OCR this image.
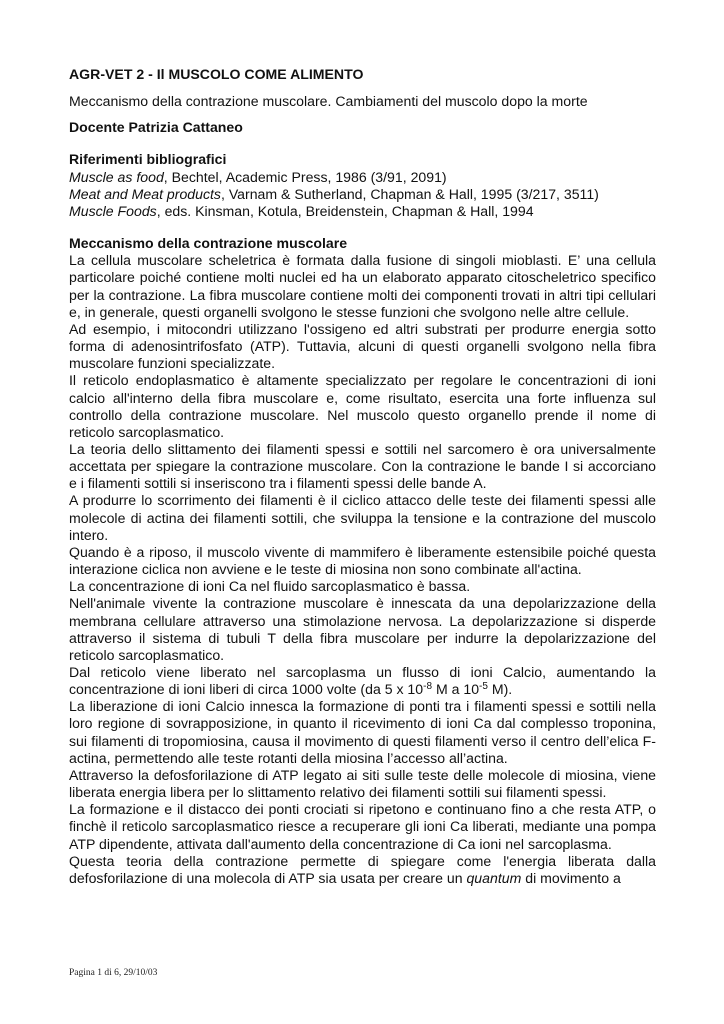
AGR-VET 2 - Il MUSCOLO COME ALIMENTO
Meccanismo della contrazione muscolare. Cambiamenti del muscolo dopo la morte
Docente Patrizia Cattaneo
Riferimenti bibliografici
Muscle as food, Bechtel, Academic Press, 1986 (3/91, 2091)
Meat and Meat products, Varnam & Sutherland, Chapman & Hall, 1995 (3/217, 3511)
Muscle Foods, eds. Kinsman, Kotula, Breidenstein, Chapman & Hall, 1994
Meccanismo della contrazione muscolare

La cellula muscolare scheletrica è formata dalla fusione di singoli mioblasti. E’ una cellula particolare poiché contiene molti nuclei ed ha un elaborato apparato citoscheletrico specifico per la contrazione. La fibra muscolare contiene molti dei componenti trovati in altri tipi cellulari e, in generale, questi organelli svolgono le stesse funzioni che svolgono nelle altre cellule.

Ad esempio, i mitocondri utilizzano l'ossigeno ed altri substrati per produrre energia sotto forma di adenosintrifosfato (ATP). Tuttavia, alcuni di questi organelli svolgono nella fibra muscolare funzioni specializzate.

Il reticolo endoplasmatico è altamente specializzato per regolare le concentrazioni di ioni calcio all'interno della fibra muscolare e, come risultato, esercita una forte influenza sul controllo della contrazione muscolare. Nel muscolo questo organello prende il nome di reticolo sarcoplasmatico.

La teoria dello slittamento dei filamenti spessi e sottili nel sarcomero è ora universalmente accettata per spiegare la contrazione muscolare. Con la contrazione le bande I si accorciano e i filamenti sottili si inseriscono tra i filamenti spessi delle bande A.

A produrre lo scorrimento dei filamenti è il ciclico attacco delle teste dei filamenti spessi alle molecole di actina dei filamenti sottili, che sviluppa la tensione e la contrazione del muscolo intero.

Quando è a riposo, il muscolo vivente di mammifero è liberamente estensibile poiché questa interazione ciclica non avviene e le teste di miosina non sono combinate all'actina.

La concentrazione di ioni Ca nel fluido sarcoplasmatico è bassa.

Nell'animale vivente la contrazione muscolare è innescata da una depolarizzazione della membrana cellulare attraverso una stimolazione nervosa. La depolarizzazione si disperde attraverso il sistema di tubuli T della fibra muscolare per indurre la depolarizzazione del reticolo sarcoplasmatico.

Dal reticolo viene liberato nel sarcoplasma un flusso di ioni Calcio, aumentando la concentrazione di ioni liberi di circa 1000 volte (da 5 x $10^{-8}$ M a $10^{-5}$ M).

La liberazione di ioni Calcio innesca la formazione di ponti tra i filamenti spessi e sottili nella loro regione di sovrapposizione, in quanto il ricevimento di ioni Ca dal complesso troponina, sui filamenti di tropomiosina, causa il movimento di questi filamenti verso il centro dell’elica F-actina, permettendo alle teste rotanti della miosina l’accesso all’actina.

Attraverso la defosforilazione di ATP legato ai siti sulle teste delle molecole di miosina, viene liberata energia libera per lo slittamento relativo dei filamenti sottili sui filamenti spessi.

La formazione e il distacco dei ponti crociati si ripetono e continuano fino a che resta ATP, o finchè il reticolo sarcoplasmatico riesce a recuperare gli ioni Ca liberati, mediante una pompa ATP dipendente, attivata dall'aumento della concentrazione di Ca ioni nel sarcoplasma.

Questa teoria della contrazione permette di spiegare come l'energia liberata dalla defosforilazione di una molecola di ATP sia usata per creare un quantum di movimento a

Pagina 1 di 6, 29/10/03
